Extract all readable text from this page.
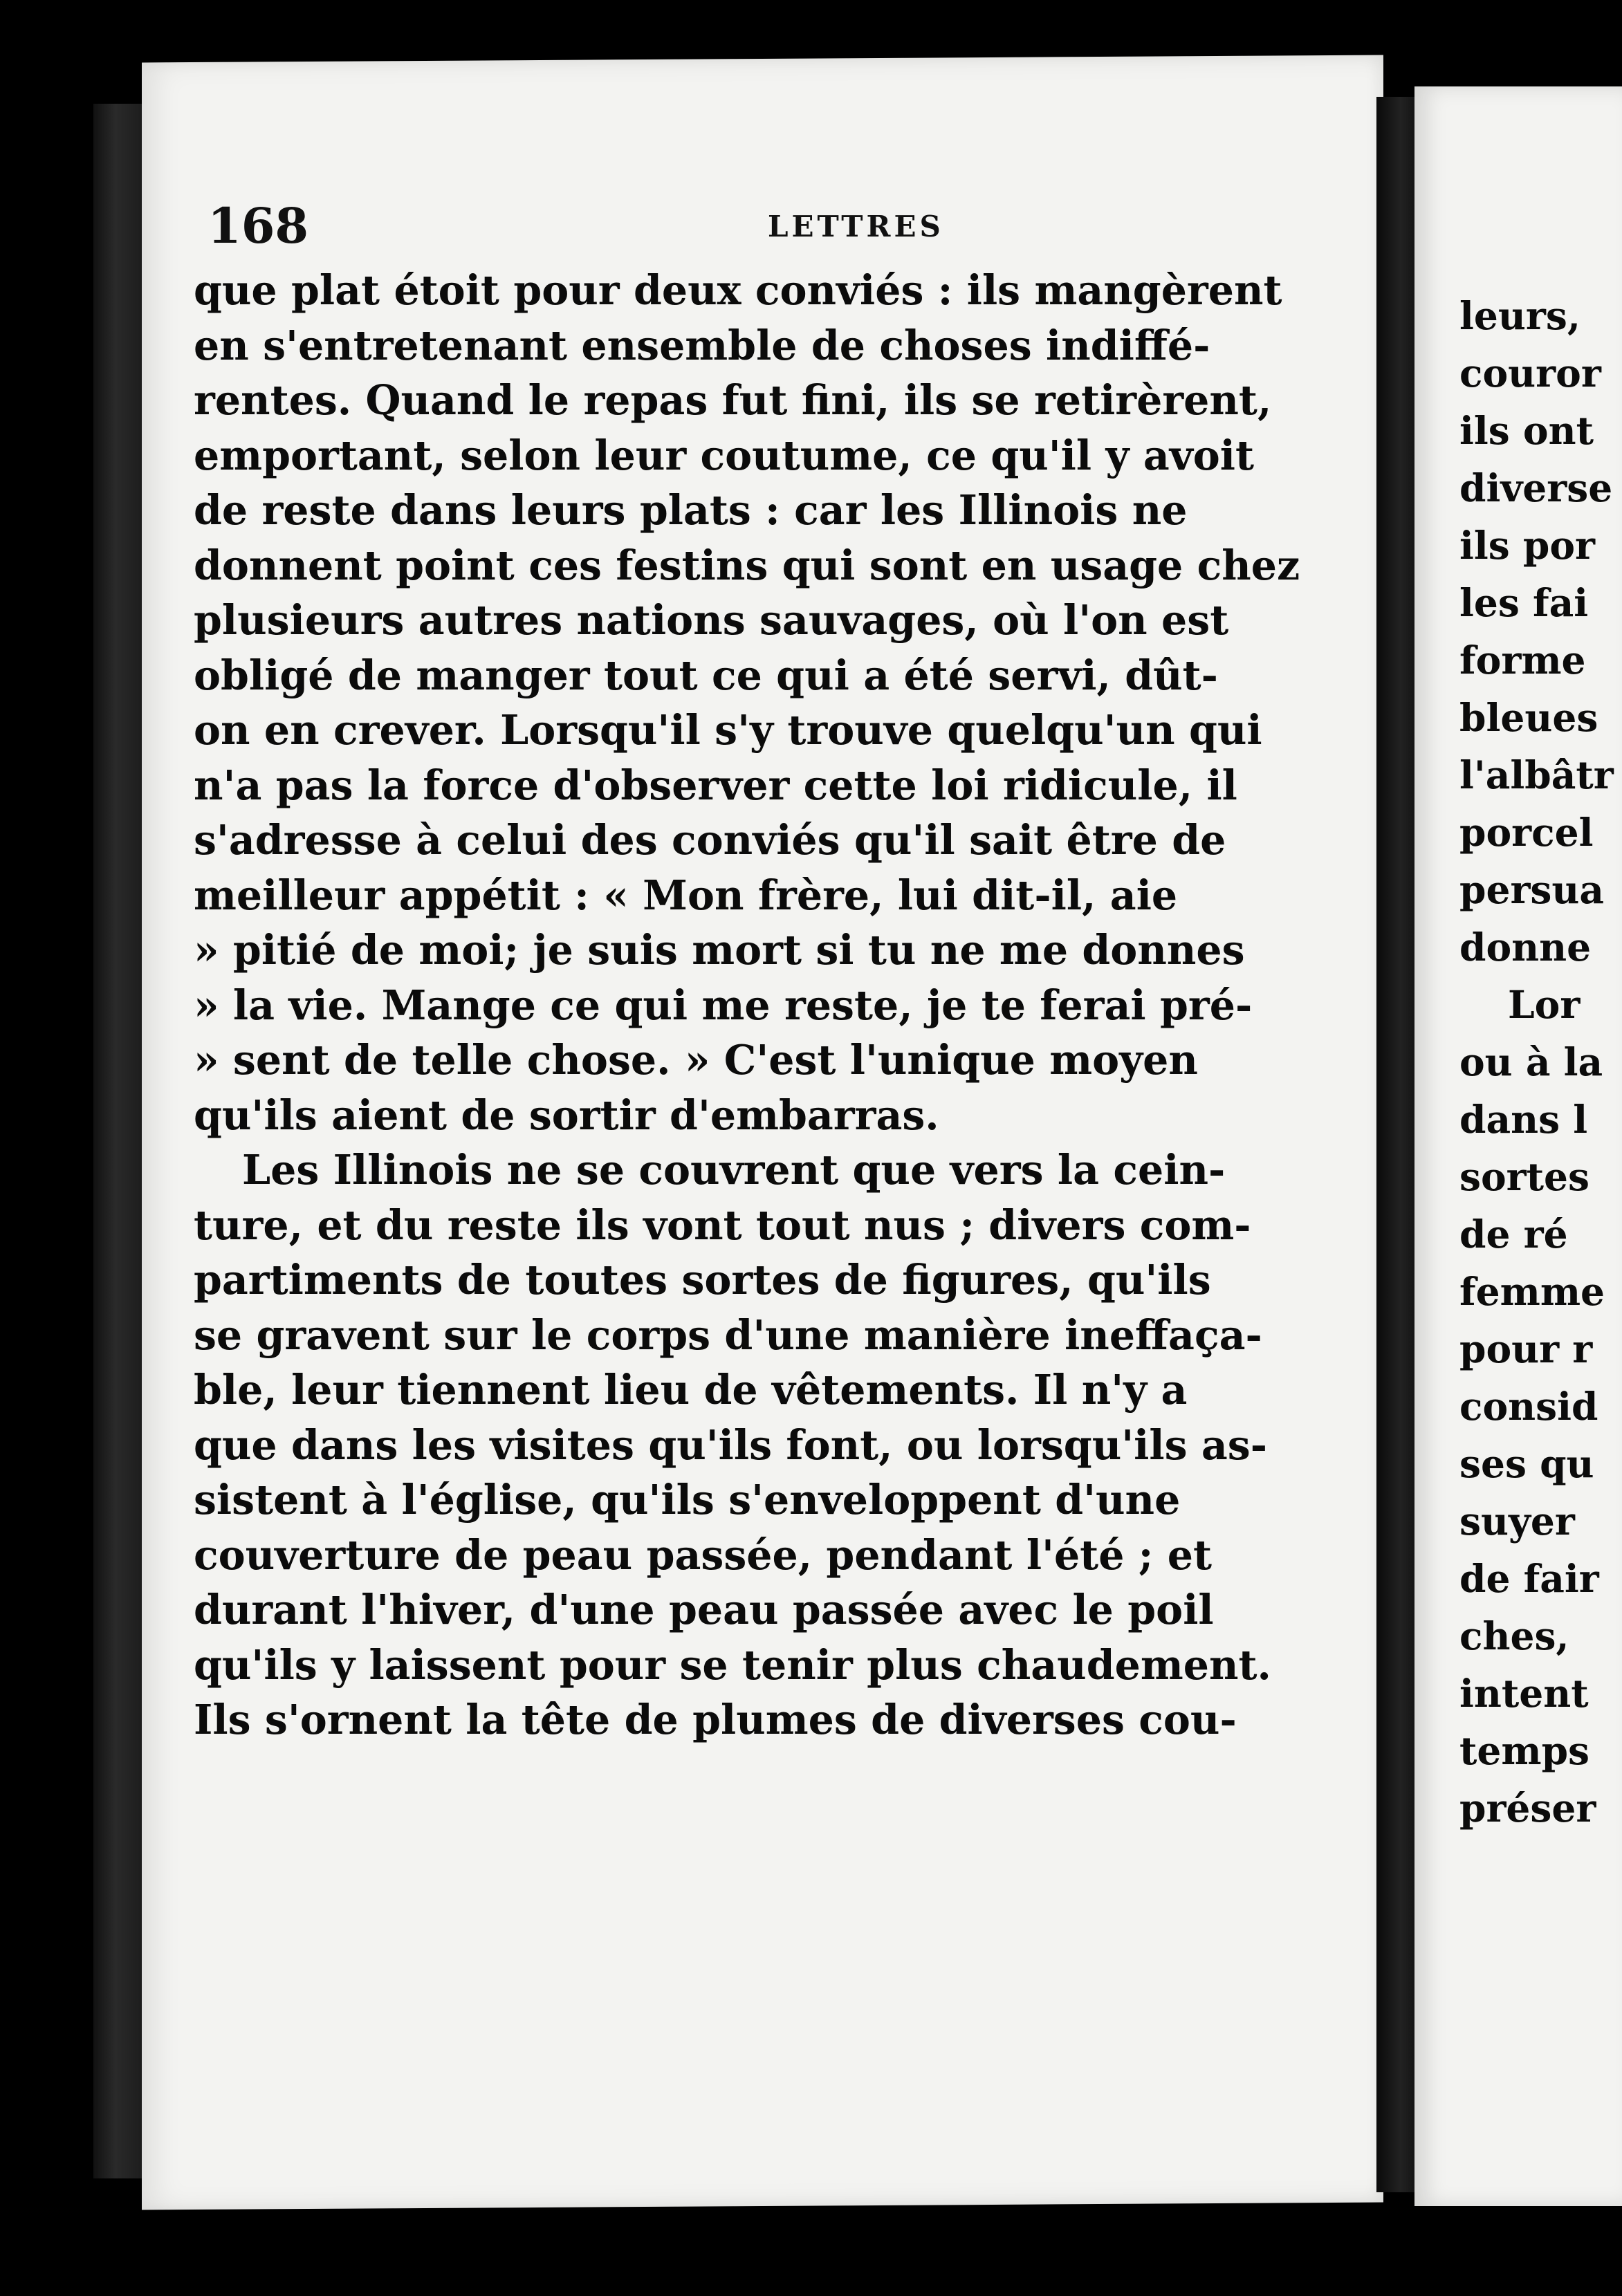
168	LETTRES
que plat étoit pour deux conviés : ils mangèrent
en s'entretenant ensemble de choses indiffé-
rentes. Quand le repas fut fini, ils se retirèrent,
emportant, selon leur coutume, ce qu'il y avoit
de reste dans leurs plats : car les Illinois ne
donnent point ces festins qui sont en usage chez
plusieurs autres nations sauvages, où l'on est
obligé de manger tout ce qui a été servi, dût-
on en crever. Lorsqu'il s'y trouve quelqu'un qui
n'a pas la force d'observer cette loi ridicule, il
s'adresse à celui des conviés qu'il sait être de
meilleur appétit : « Mon frère, lui dit-il, aie
» pitié de moi; je suis mort si tu ne me donnes
» la vie. Mange ce qui me reste, je te ferai pré-
» sent de telle chose. » C'est l'unique moyen
qu'ils aient de sortir d'embarras.
Les Illinois ne se couvrent que vers la cein-
ture, et du reste ils vont tout nus ; divers com-
partiments de toutes sortes de figures, qu'ils
se gravent sur le corps d'une manière ineffaça-
ble, leur tiennent lieu de vêtements. Il n'y a
que dans les visites qu'ils font, ou lorsqu'ils as-
sistent à l'église, qu'ils s'enveloppent d'une
couverture de peau passée, pendant l'été ; et
durant l'hiver, d'une peau passée avec le poil
qu'ils y laissent pour se tenir plus chaudement.
Ils s'ornent la tête de plumes de diverses cou-
leurs,
couror
ils ont
diverse
ils por
les fai
forme
bleues
l'albâtr
porcel
persua
donne
Lor
ou à la
dans l
sortes
de ré
femme
pour r
consid
ses qu
suyer
de fair
ches,
intent
temps
préser
